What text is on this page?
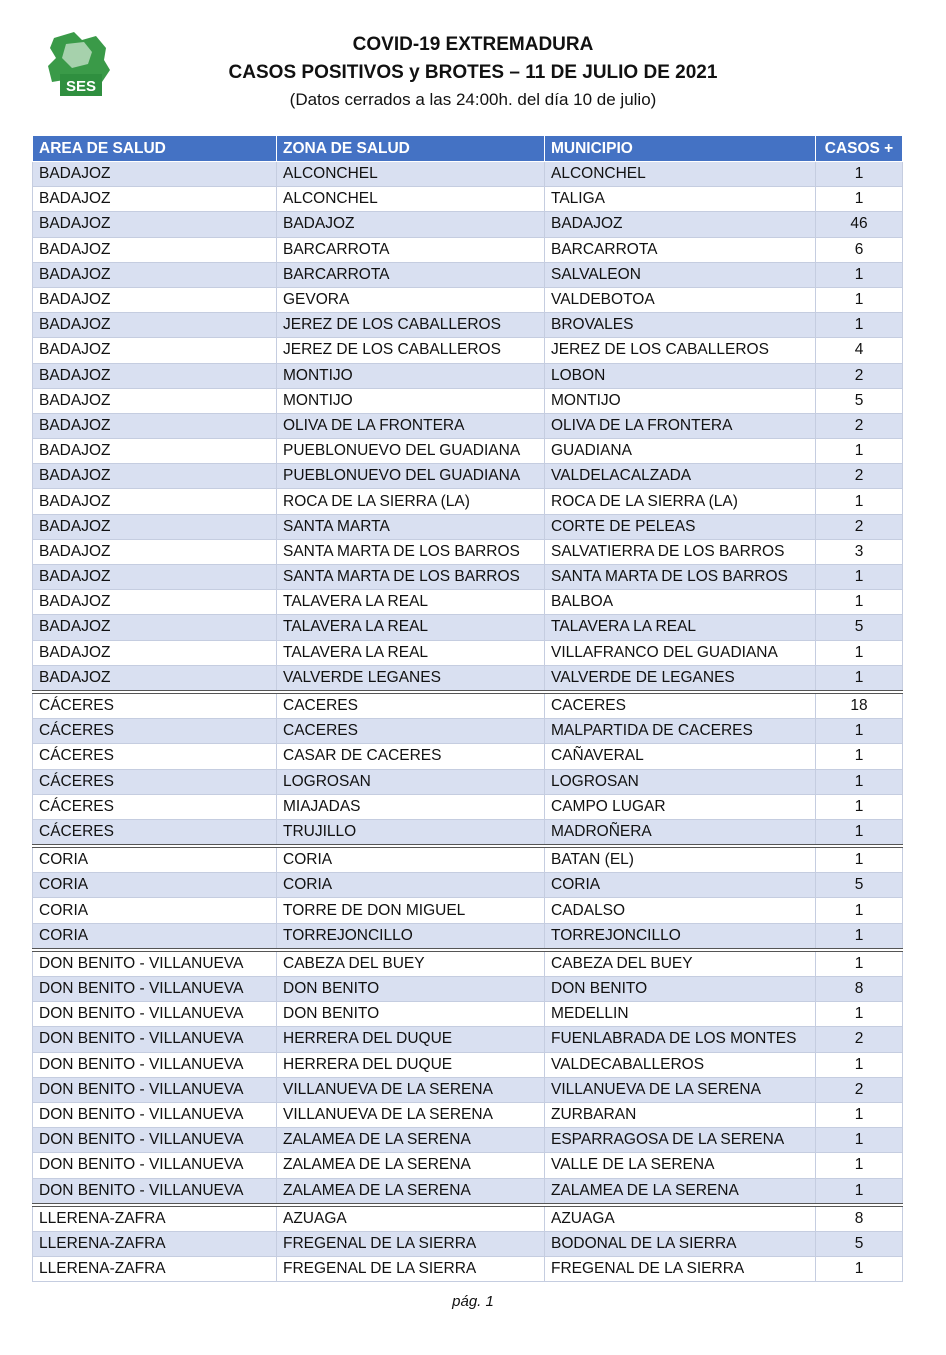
SES
COVID-19 EXTREMADURA
CASOS POSITIVOS y BROTES – 11 DE JULIO DE 2021
(Datos cerrados a las 24:00h. del día 10 de julio)
AREA DE SALUD	ZONA DE SALUD	MUNICIPIO	CASOS +
BADAJOZ	ALCONCHEL	ALCONCHEL	1
BADAJOZ	ALCONCHEL	TALIGA	1
BADAJOZ	BADAJOZ	BADAJOZ	46
BADAJOZ	BARCARROTA	BARCARROTA	6
BADAJOZ	BARCARROTA	SALVALEON	1
BADAJOZ	GEVORA	VALDEBOTOA	1
BADAJOZ	JEREZ DE LOS CABALLEROS	BROVALES	1
BADAJOZ	JEREZ DE LOS CABALLEROS	JEREZ DE LOS CABALLEROS	4
BADAJOZ	MONTIJO	LOBON	2
BADAJOZ	MONTIJO	MONTIJO	5
BADAJOZ	OLIVA DE LA FRONTERA	OLIVA DE LA FRONTERA	2
BADAJOZ	PUEBLONUEVO DEL GUADIANA	GUADIANA	1
BADAJOZ	PUEBLONUEVO DEL GUADIANA	VALDELACALZADA	2
BADAJOZ	ROCA DE LA SIERRA (LA)	ROCA DE LA SIERRA (LA)	1
BADAJOZ	SANTA MARTA	CORTE DE PELEAS	2
BADAJOZ	SANTA MARTA DE LOS BARROS	SALVATIERRA DE LOS BARROS	3
BADAJOZ	SANTA MARTA DE LOS BARROS	SANTA MARTA DE LOS BARROS	1
BADAJOZ	TALAVERA LA REAL	BALBOA	1
BADAJOZ	TALAVERA LA REAL	TALAVERA LA REAL	5
BADAJOZ	TALAVERA LA REAL	VILLAFRANCO DEL GUADIANA	1
BADAJOZ	VALVERDE LEGANES	VALVERDE DE LEGANES	1
CÁCERES	CACERES	CACERES	18
CÁCERES	CACERES	MALPARTIDA DE CACERES	1
CÁCERES	CASAR DE CACERES	CAÑAVERAL	1
CÁCERES	LOGROSAN	LOGROSAN	1
CÁCERES	MIAJADAS	CAMPO LUGAR	1
CÁCERES	TRUJILLO	MADROÑERA	1
CORIA	CORIA	BATAN (EL)	1
CORIA	CORIA	CORIA	5
CORIA	TORRE DE DON MIGUEL	CADALSO	1
CORIA	TORREJONCILLO	TORREJONCILLO	1
DON BENITO - VILLANUEVA	CABEZA DEL BUEY	CABEZA DEL BUEY	1
DON BENITO - VILLANUEVA	DON BENITO	DON BENITO	8
DON BENITO - VILLANUEVA	DON BENITO	MEDELLIN	1
DON BENITO - VILLANUEVA	HERRERA DEL DUQUE	FUENLABRADA DE LOS MONTES	2
DON BENITO - VILLANUEVA	HERRERA DEL DUQUE	VALDECABALLEROS	1
DON BENITO - VILLANUEVA	VILLANUEVA DE LA SERENA	VILLANUEVA DE LA SERENA	2
DON BENITO - VILLANUEVA	VILLANUEVA DE LA SERENA	ZURBARAN	1
DON BENITO - VILLANUEVA	ZALAMEA DE LA SERENA	ESPARRAGOSA DE LA SERENA	1
DON BENITO - VILLANUEVA	ZALAMEA DE LA SERENA	VALLE DE LA SERENA	1
DON BENITO - VILLANUEVA	ZALAMEA DE LA SERENA	ZALAMEA DE LA SERENA	1
LLERENA-ZAFRA	AZUAGA	AZUAGA	8
LLERENA-ZAFRA	FREGENAL DE LA SIERRA	BODONAL DE LA SIERRA	5
LLERENA-ZAFRA	FREGENAL DE LA SIERRA	FREGENAL DE LA SIERRA	1
pág. 1
